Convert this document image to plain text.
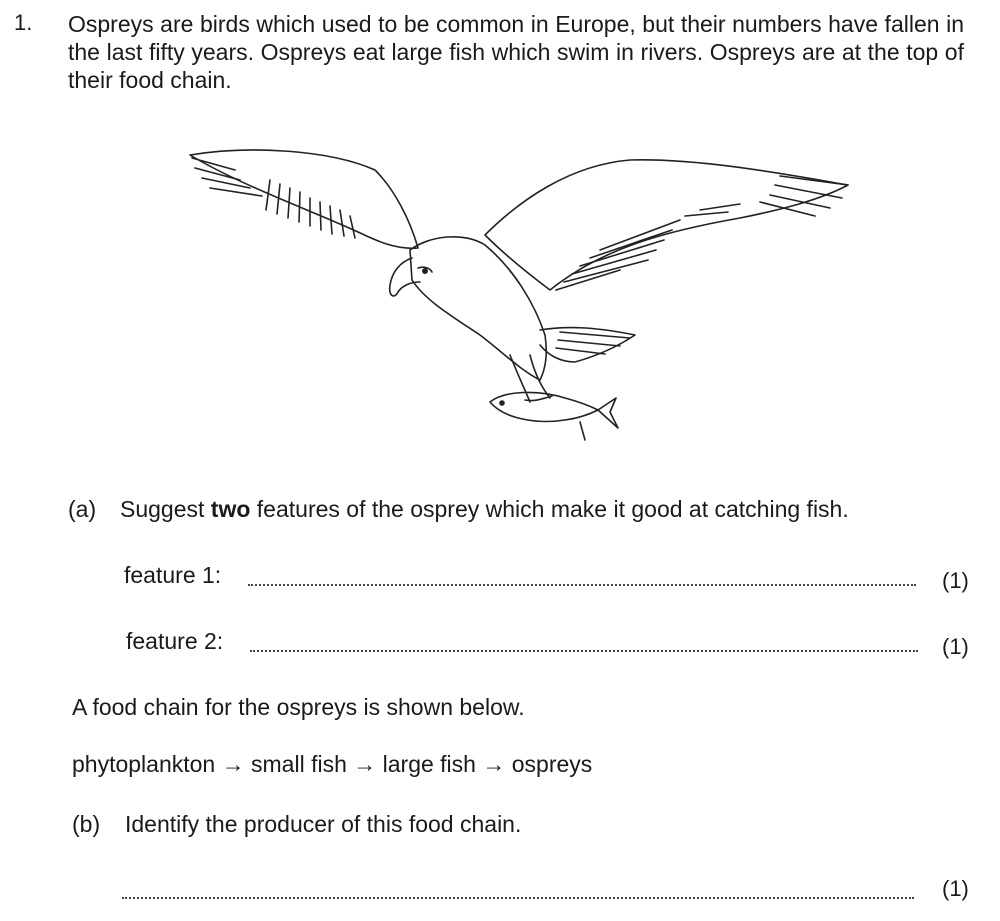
1. Ospreys are birds which used to be common in Europe, but their numbers have fallen in the last fifty years. Ospreys eat large fish which swim in rivers. Ospreys are at the top of their food chain.
(a) Suggest two features of the osprey which make it good at catching fish.
feature 1:	(1)
feature 2:	(1)
A food chain for the ospreys is shown below.
phytoplankton → small fish → large fish → ospreys
(b) Identify the producer of this food chain.
(1)
